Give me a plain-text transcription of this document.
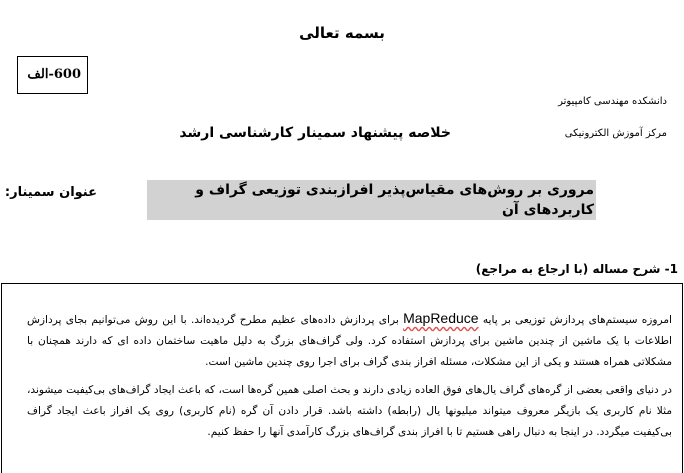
بسمه تعالی
600-الف
دانشکده مهندسی کامپیوتر
مرکز آموزش الکترونیکی
خلاصه پیشنهاد سمینار کارشناسی ارشد
عنوان سمینار:	مروری بر روش‌های مقیاس‌پذیر افرازبندی توزیعی گراف و کاربردهای آن
1- شرح مساله (با ارجاع به مراجع)

امروزه سیستم‌های پردازش توزیعی بر پایه MapReduce برای پردازش داده‌های عظیم مطرح گردیده‌اند. با این روش می‌توانیم بجای پردازش اطلاعات با یک ماشین از چندین ماشین برای پردازش استفاده کرد. ولی گراف‌های بزرگ به دلیل ماهیت ساختمان داده ای که دارند همچنان با مشکلاتی همراه هستند و یکی از این مشکلات، مسئله افراز بندی گراف برای اجرا روی چندین ماشین است.

در دنیای واقعی بعضی از گره‌های گراف یال‌های فوق العاده زیادی دارند و بحث اصلی همین گره‌ها است، که باعث ایجاد گراف‌های بی‌کیفیت میشوند، مثلا نام کاربری یک بازیگر معروف میتواند میلیونها یال (رابطه) داشته باشد. قرار دادن آن گره (نام کاربری) روی یک افراز باعث ایجاد گراف بی‌کیفیت میگردد. در اینجا به دنبال راهی هستیم تا با افراز بندی گراف‌های بزرگ کارآمدی آنها را حفظ کنیم.
